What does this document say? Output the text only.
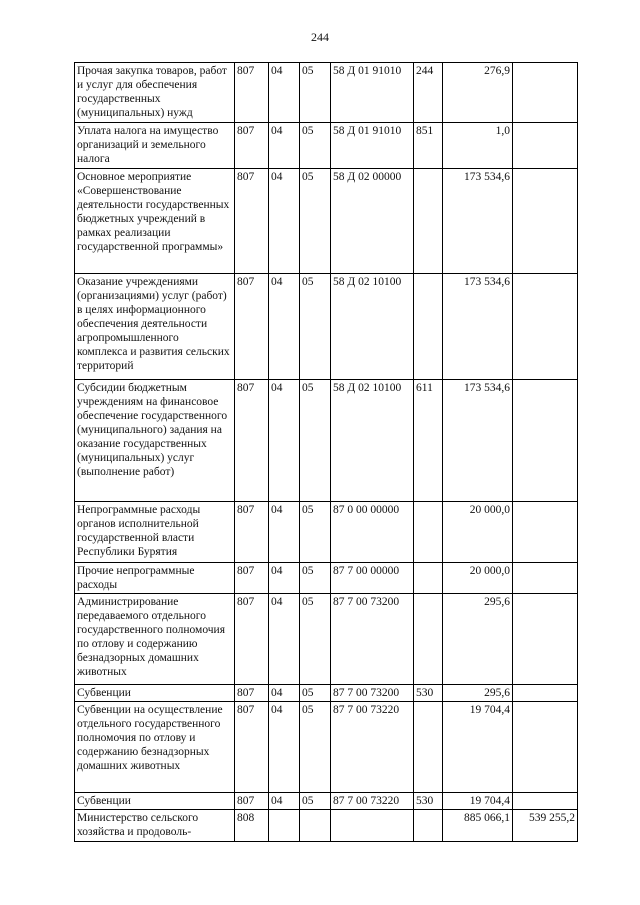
244
Прочая закупка товаров, работ и услуг для обеспечения государственных (муниципальных) нужд	807	04	05	58 Д 01 91010	244	276,9	
Уплата налога на имущество организаций и земельного налога	807	04	05	58 Д 01 91010	851	1,0	
Основное мероприятие «Совершенствование деятельности государственных бюджетных учреждений в рамках реализации государственной программы»	807	04	05	58 Д 02 00000		173 534,6	
Оказание учреждениями (организациями) услуг (работ) в целях информационного обеспечения деятельности агропромышленного комплекса и развития сельских территорий	807	04	05	58 Д 02 10100		173 534,6	
Субсидии бюджетным учреждениям на финансовое обеспечение государственного (муниципального) задания на оказание государственных (муниципальных) услуг (выполнение работ)	807	04	05	58 Д 02 10100	611	173 534,6	
Непрограммные расходы органов исполнительной государственной власти Республики Бурятия	807	04	05	87 0 00 00000		20 000,0	
Прочие непрограммные расходы	807	04	05	87 7 00 00000		20 000,0	
Администрирование передаваемого отдельного государственного полномочия по отлову и содержанию безнадзорных домашних животных	807	04	05	87 7 00 73200		295,6	
Субвенции	807	04	05	87 7 00 73200	530	295,6	
Субвенции на осуществление отдельного государственного полномочия по отлову и содержанию безнадзорных домашних животных	807	04	05	87 7 00 73220		19 704,4	
Субвенции	807	04	05	87 7 00 73220	530	19 704,4	
Министерство сельского хозяйства и продоволь-	808					885 066,1	539 255,2
